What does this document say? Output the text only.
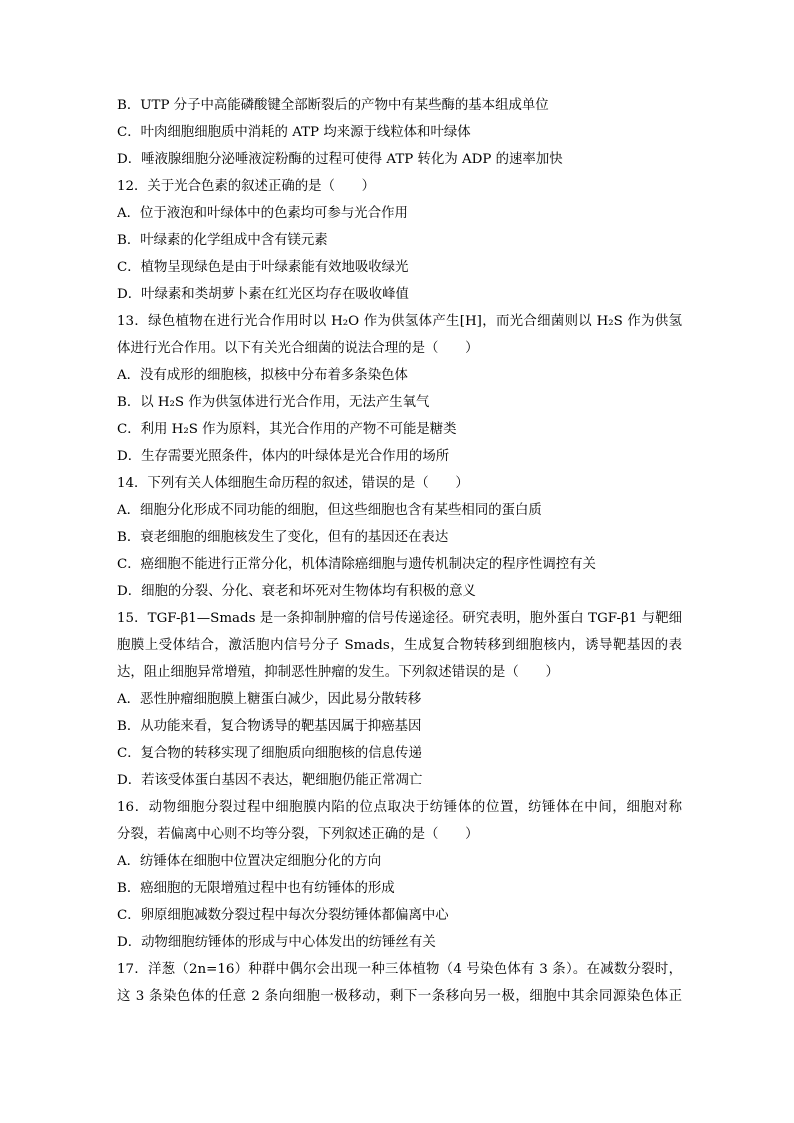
B．UTP 分子中高能磷酸键全部断裂后的产物中有某些酶的基本组成单位
C．叶肉细胞细胞质中消耗的 ATP 均来源于线粒体和叶绿体
D．唾液腺细胞分泌唾液淀粉酶的过程可使得 ATP 转化为 ADP 的速率加快
12．关于光合色素的叙述正确的是（　　）
A．位于液泡和叶绿体中的色素均可参与光合作用
B．叶绿素的化学组成中含有镁元素
C．植物呈现绿色是由于叶绿素能有效地吸收绿光
D．叶绿素和类胡萝卜素在红光区均存在吸收峰值
13．绿色植物在进行光合作用时以 H₂O 作为供氢体产生[H]，而光合细菌则以 H₂S 作为供氢
体进行光合作用。以下有关光合细菌的说法合理的是（　　）
A．没有成形的细胞核，拟核中分布着多条染色体
B．以 H₂S 作为供氢体进行光合作用，无法产生氧气
C．利用 H₂S 作为原料，其光合作用的产物不可能是糖类
D．生存需要光照条件，体内的叶绿体是光合作用的场所
14．下列有关人体细胞生命历程的叙述，错误的是（　　）
A．细胞分化形成不同功能的细胞，但这些细胞也含有某些相同的蛋白质
B．衰老细胞的细胞核发生了变化，但有的基因还在表达
C．癌细胞不能进行正常分化，机体清除癌细胞与遗传机制决定的程序性调控有关
D．细胞的分裂、分化、衰老和坏死对生物体均有积极的意义
15．TGF-β1—Smads 是一条抑制肿瘤的信号传递途径。研究表明，胞外蛋白 TGF-β1 与靶细
胞膜上受体结合，激活胞内信号分子 Smads，生成复合物转移到细胞核内，诱导靶基因的表
达，阻止细胞异常增殖，抑制恶性肿瘤的发生。下列叙述错误的是（　　）
A．恶性肿瘤细胞膜上糖蛋白减少，因此易分散转移
B．从功能来看，复合物诱导的靶基因属于抑癌基因
C．复合物的转移实现了细胞质向细胞核的信息传递
D．若该受体蛋白基因不表达，靶细胞仍能正常凋亡
16．动物细胞分裂过程中细胞膜内陷的位点取决于纺锤体的位置，纺锤体在中间，细胞对称
分裂，若偏离中心则不均等分裂，下列叙述正确的是（　　）
A．纺锤体在细胞中位置决定细胞分化的方向
B．癌细胞的无限增殖过程中也有纺锤体的形成
C．卵原细胞减数分裂过程中每次分裂纺锤体都偏离中心
D．动物细胞纺锤体的形成与中心体发出的纺锤丝有关
17．洋葱（2n=16）种群中偶尔会出现一种三体植物（4 号染色体有 3 条）。在减数分裂时，
这 3 条染色体的任意 2 条向细胞一极移动，剩下一条移向另一极，细胞中其余同源染色体正
